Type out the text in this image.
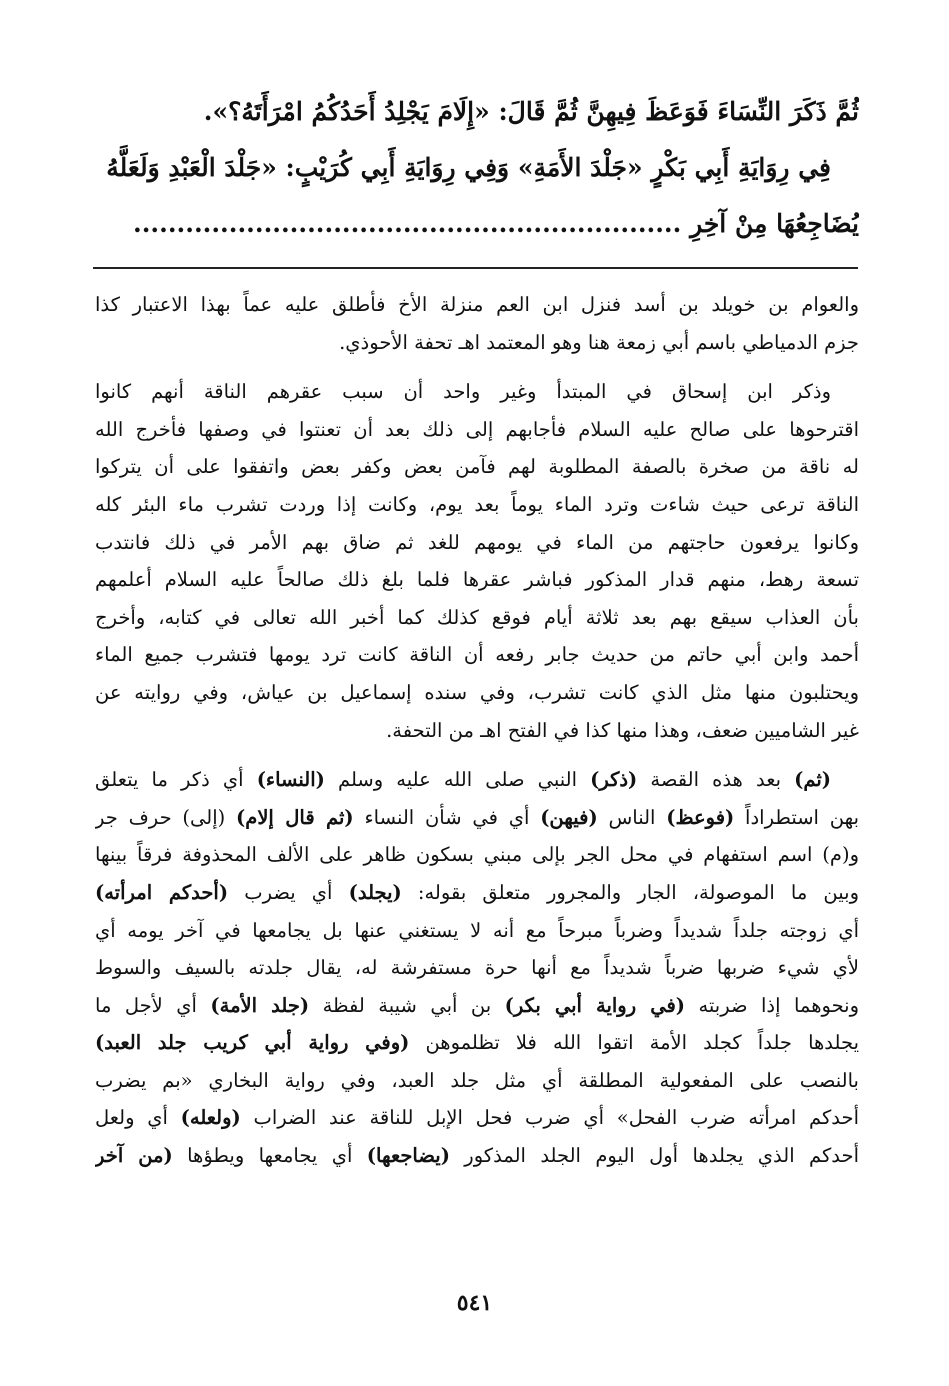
ثُمَّ ذَكَرَ النِّسَاءَ فَوَعَظَ فِيهِنَّ ثُمَّ قَالَ: «إِلَامَ يَجْلِدُ أَحَدُكُمُ امْرَأَتَهُ؟».
فِي رِوَايَةِ أَبِي بَكْرٍ «جَلْدَ الأَمَةِ» وَفِي رِوَايَةِ أَبِي كُرَيْبٍ: «جَلْدَ الْعَبْدِ وَلَعَلَّهُ
يُضَاجِعُهَا مِنْ آخِرِ ...............................................................
والعوام بن خويلد بن أسد فنزل ابن العم منزلة الأخ فأطلق عليه عماً بهذا الاعتبار كذا
جزم الدمياطي باسم أبي زمعة هنا وهو المعتمد اهـ تحفة الأحوذي.
وذكر ابن إسحاق في المبتدأ وغير واحد أن سبب عقرهم الناقة أنهم كانوا
اقترحوها على صالح عليه السلام فأجابهم إلى ذلك بعد أن تعنتوا في وصفها فأخرج الله
له ناقة من صخرة بالصفة المطلوبة لهم فآمن بعض وكفر بعض واتفقوا على أن يتركوا
الناقة ترعى حيث شاءت وترد الماء يوماً بعد يوم، وكانت إذا وردت تشرب ماء البئر كله
وكانوا يرفعون حاجتهم من الماء في يومهم للغد ثم ضاق بهم الأمر في ذلك فانتدب
تسعة رهط، منهم قدار المذكور فباشر عقرها فلما بلغ ذلك صالحاً عليه السلام أعلمهم
بأن العذاب سيقع بهم بعد ثلاثة أيام فوقع كذلك كما أخبر الله تعالى في كتابه، وأخرج
أحمد وابن أبي حاتم من حديث جابر رفعه أن الناقة كانت ترد يومها فتشرب جميع الماء
ويحتلبون منها مثل الذي كانت تشرب، وفي سنده إسماعيل بن عياش، وفي روايته عن
غير الشاميين ضعف، وهذا منها كذا في الفتح اهـ من التحفة.
(ثم) بعد هذه القصة (ذكر) النبي صلى الله عليه وسلم (النساء) أي ذكر ما يتعلق
بهن استطراداً (فوعظ) الناس (فيهن) أي في شأن النساء (ثم قال إلام) (إلى) حرف جر
و(م) اسم استفهام في محل الجر بإلى مبني بسكون ظاهر على الألف المحذوفة فرقاً بينها
وبين ما الموصولة، الجار والمجرور متعلق بقوله: (يجلد) أي يضرب (أحدكم امرأته)
أي زوجته جلداً شديداً وضرباً مبرحاً مع أنه لا يستغني عنها بل يجامعها في آخر يومه أي
لأي شيء ضربها ضرباً شديداً مع أنها حرة مستفرشة له، يقال جلدته بالسيف والسوط
ونحوهما إذا ضربته (في رواية أبي بكر) بن أبي شيبة لفظة (جلد الأمة) أي لأجل ما
يجلدها جلداً كجلد الأمة اتقوا الله فلا تظلموهن (وفي رواية أبي كريب جلد العبد)
بالنصب على المفعولية المطلقة أي مثل جلد العبد، وفي رواية البخاري «بم يضرب
أحدكم امرأته ضرب الفحل» أي ضرب فحل الإبل للناقة عند الضراب (ولعله) أي ولعل
أحدكم الذي يجلدها أول اليوم الجلد المذكور (يضاجعها) أي يجامعها ويطؤها (من آخر
٥٤١
